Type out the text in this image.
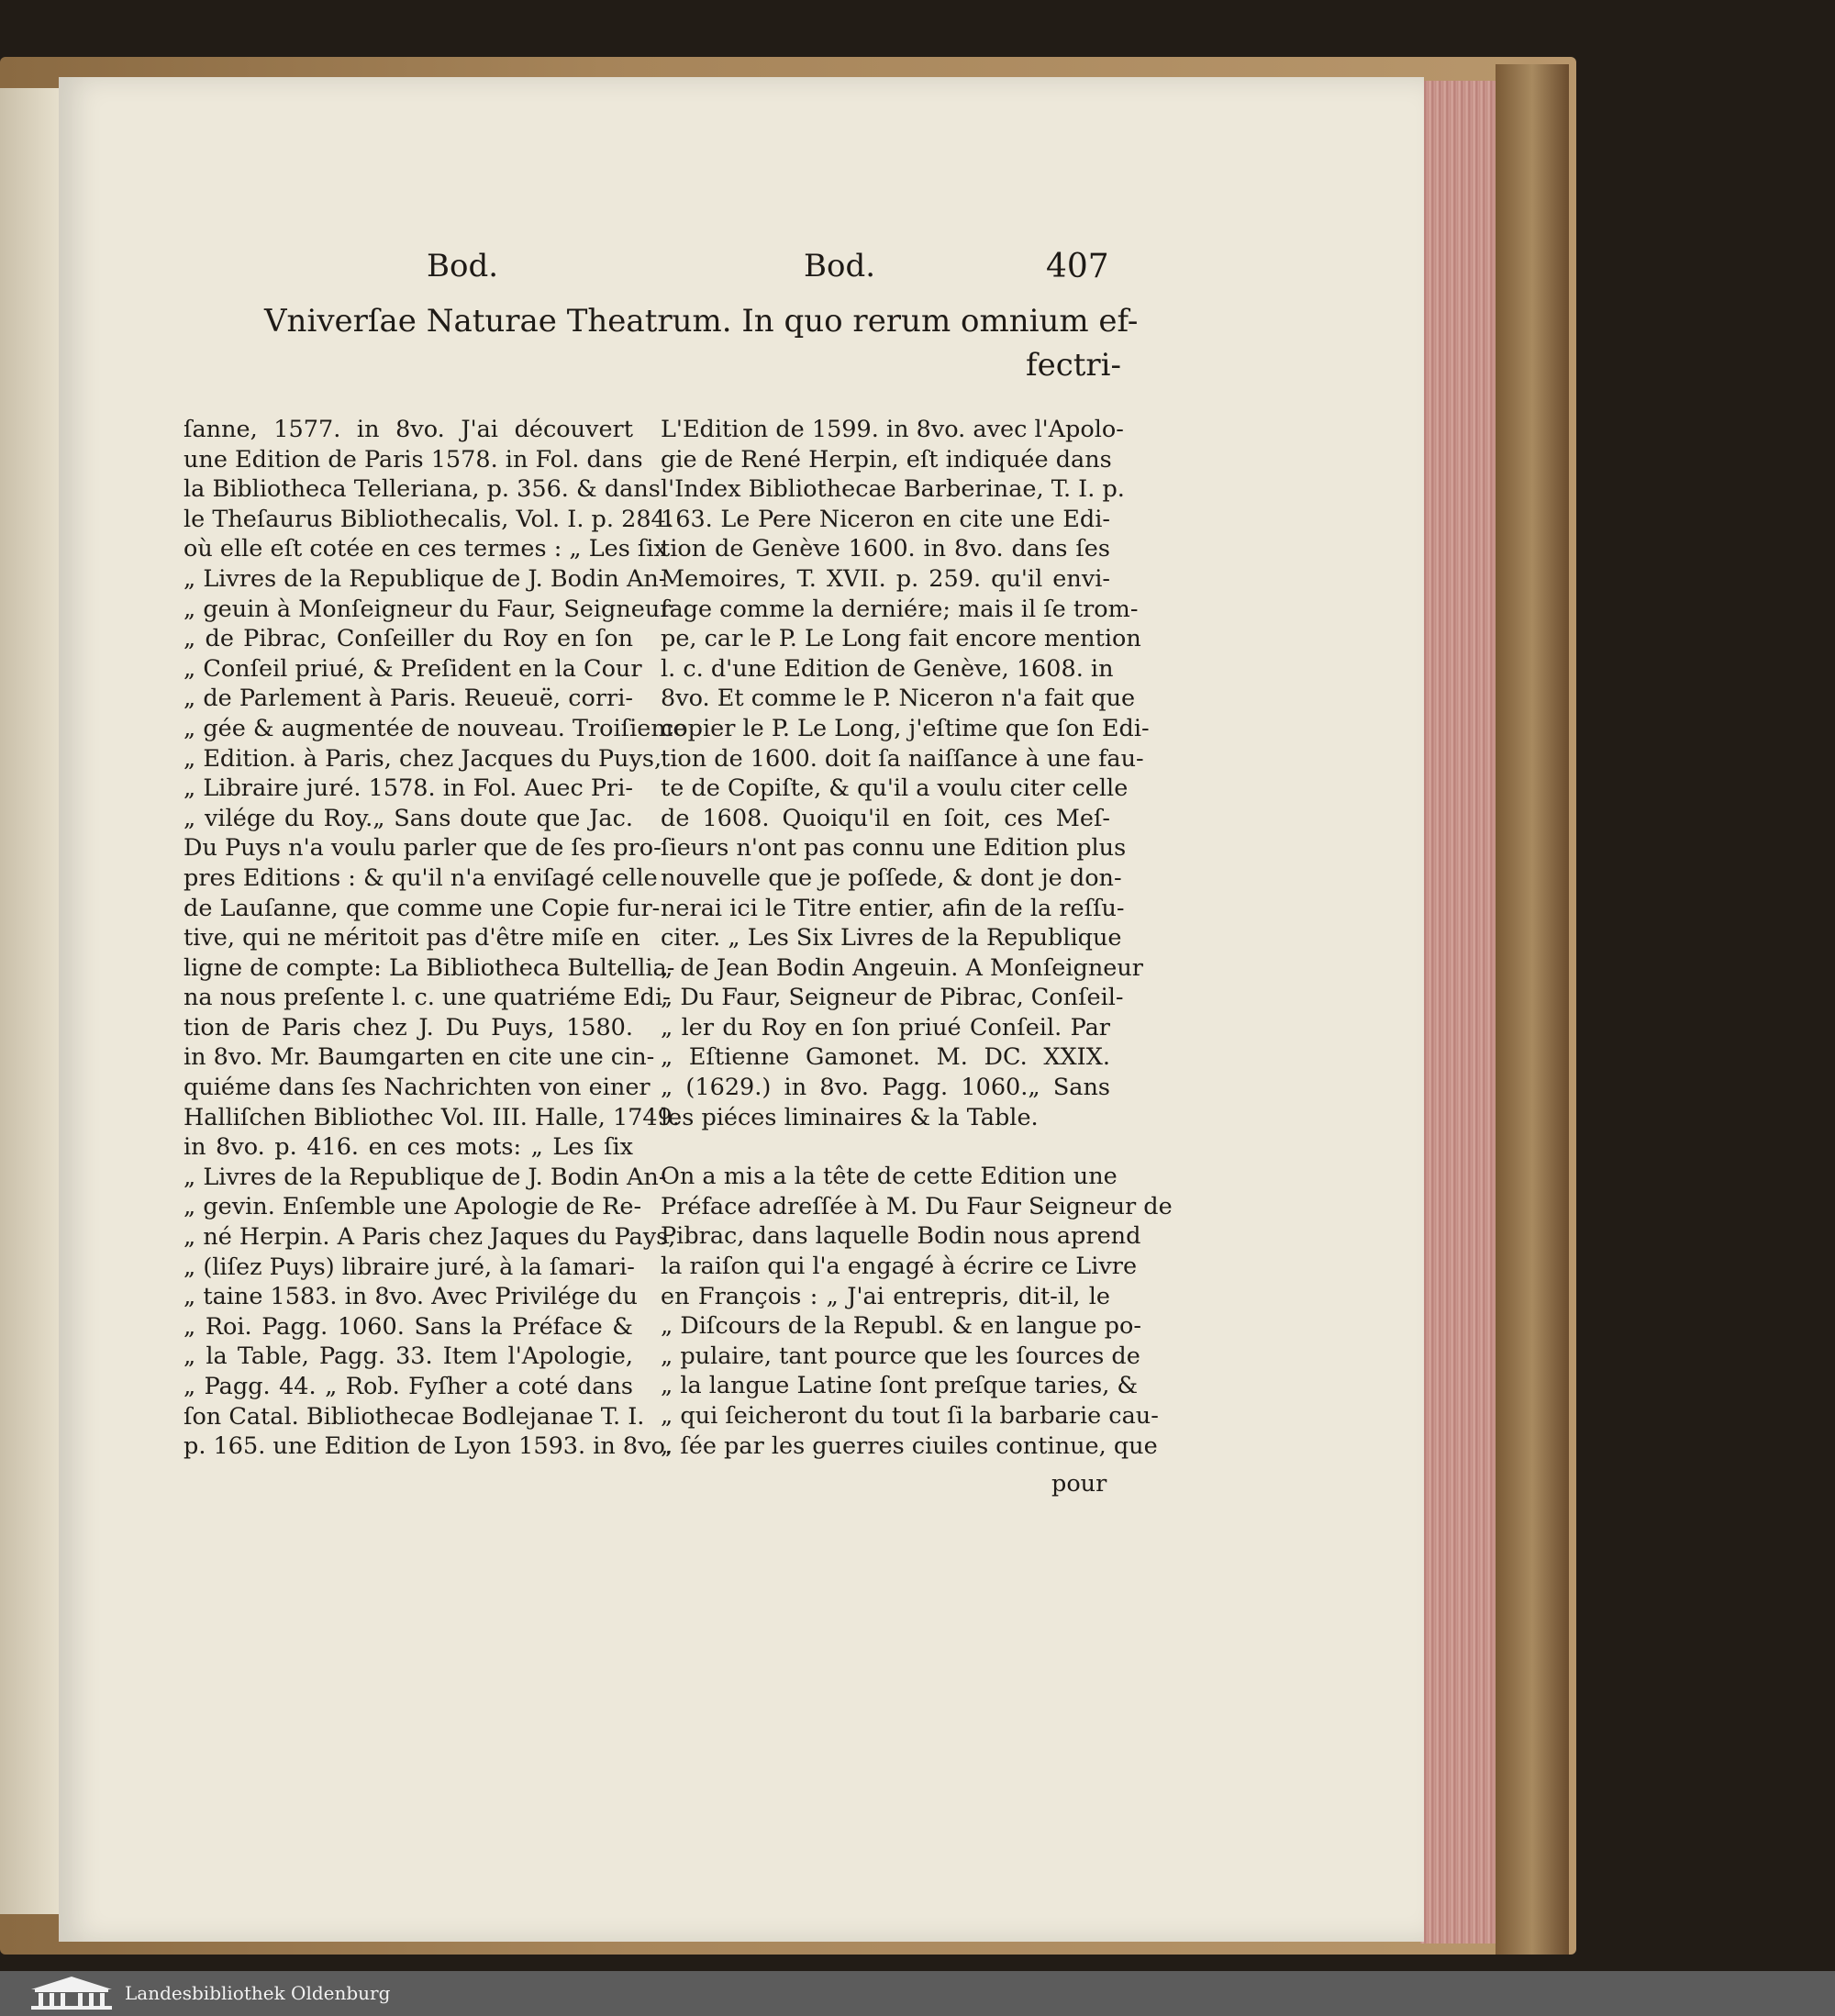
Bod.	Bod.	407
Vniverſae Naturae Theatrum. In quo rerum omnium ef-
fectri-
ſanne, 1577. in 8vo. J'ai découvert
une Edition de Paris 1578. in Fol. dans
la Bibliotheca Telleriana, p. 356. & dans
le Theſaurus Bibliothecalis, Vol. I. p. 284.
où elle eſt cotée en ces termes : „ Les ſix
„ Livres de la Republique de J. Bodin An-
„ geuin à Monſeigneur du Faur, Seigneur
„ de Pibrac, Conſeiller du Roy en ſon
„ Conſeil priué, & Preſident en la Cour
„ de Parlement à Paris. Reueuë, corri-
„ gée & augmentée de nouveau. Troiſieme
„ Edition. à Paris, chez Jacques du Puys,
„ Libraire juré. 1578. in Fol. Auec Pri-
„ vilége du Roy.„ Sans doute que Jac.
Du Puys n'a voulu parler que de ſes pro-
pres Editions : & qu'il n'a enviſagé celle
de Lauſanne, que comme une Copie fur-
tive, qui ne méritoit pas d'être miſe en
ligne de compte: La Bibliotheca Bultellia-
na nous preſente l. c. une quatriéme Edi-
tion de Paris chez J. Du Puys, 1580.
in 8vo. Mr. Baumgarten en cite une cin-
quiéme dans ſes Nachrichten von einer
Halliſchen Bibliothec Vol. III. Halle, 1749.
in 8vo. p. 416. en ces mots: „ Les ſix
„ Livres de la Republique de J. Bodin An-
„ gevin. Enſemble une Apologie de Re-
„ né Herpin. A Paris chez Jaques du Pays,
„ (liſez Puys) libraire juré, à la ſamari-
„ taine 1583. in 8vo. Avec Privilége du
„ Roi. Pagg. 1060. Sans la Préface &
„ la Table, Pagg. 33. Item l'Apologie,
„ Pagg. 44. „ Rob. Fyſher a coté dans
ſon Catal. Bibliothecae Bodlejanae T. I.
p. 165. une Edition de Lyon 1593. in 8vo.
L'Edition de 1599. in 8vo. avec l'Apolo-
gie de René Herpin, eſt indiquée dans
l'Index Bibliothecae Barberinae, T. I. p.
163. Le Pere Niceron en cite une Edi-
tion de Genève 1600. in 8vo. dans ſes
Memoires, T. XVII. p. 259. qu'il envi-
ſage comme la derniére; mais il ſe trom-
pe, car le P. Le Long fait encore mention
l. c. d'une Edition de Genève, 1608. in
8vo. Et comme le P. Niceron n'a fait que
copier le P. Le Long, j'eſtime que ſon Edi-
tion de 1600. doit ſa naiſſance à une fau-
te de Copiſte, & qu'il a voulu citer celle
de 1608. Quoiqu'il en ſoit, ces Meſ-
ſieurs n'ont pas connu une Edition plus
nouvelle que je poſſede, & dont je don-
nerai ici le Titre entier, afin de la reſſu-
citer. „ Les Six Livres de la Republique
„ de Jean Bodin Angeuin. A Monſeigneur
„ Du Faur, Seigneur de Pibrac, Conſeil-
„ ler du Roy en ſon priué Conſeil. Par
„ Eſtienne Gamonet. M. DC. XXIX.
„ (1629.) in 8vo. Pagg. 1060.„ Sans
les piéces liminaires & la Table.
On a mis a la tête de cette Edition une
Préface adreſſée à M. Du Faur Seigneur de
Pibrac, dans laquelle Bodin nous aprend
la raiſon qui l'a engagé à écrire ce Livre
en François : „ J'ai entrepris, dit-il, le
„ Diſcours de la Republ. & en langue po-
„ pulaire, tant pource que les ſources de
„ la langue Latine ſont preſque taries, &
„ qui ſeicheront du tout ſi la barbarie cau-
„ ſée par les guerres ciuiles continue, que
pour
Landesbibliothek Oldenburg
